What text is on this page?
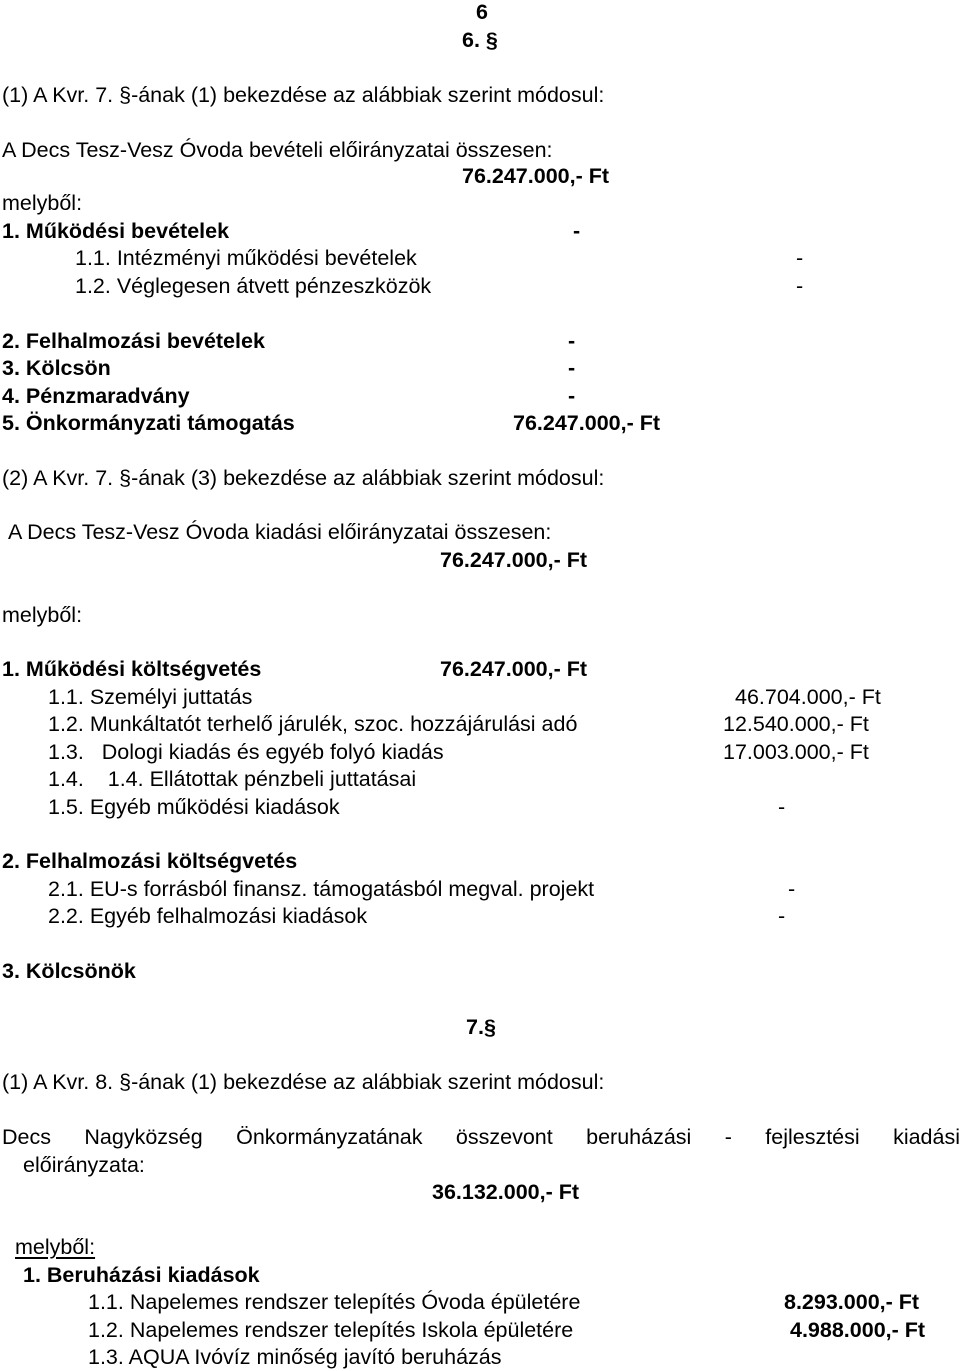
6
6. §
(1) A Kvr. 7. §-ának (1) bekezdése az alábbiak szerint módosul:
A Decs Tesz-Vesz Óvoda bevételi előirányzatai összesen:
76.247.000,- Ft
melyből:
1. Működési bevételek	-
1.1. Intézményi működési bevételek	-
1.2. Véglegesen átvett pénzeszközök	-
2. Felhalmozási bevételek	-
3. Kölcsön	-
4. Pénzmaradvány	-
5. Önkormányzati támogatás	76.247.000,- Ft
(2) A Kvr. 7. §-ának (3) bekezdése az alábbiak szerint módosul:
A Decs Tesz-Vesz Óvoda kiadási előirányzatai összesen:
76.247.000,- Ft
melyből:
1. Működési költségvetés	76.247.000,- Ft
1.1. Személyi juttatás	46.704.000,- Ft
1.2. Munkáltatót terhelő járulék, szoc. hozzájárulási adó	12.540.000,- Ft
1.3.   Dologi kiadás és egyéb folyó kiadás	17.003.000,- Ft
1.4.    1.4. Ellátottak pénzbeli juttatásai
1.5. Egyéb működési kiadások	-
2. Felhalmozási költségvetés
2.1. EU-s forrásból finansz. támogatásból megval. projekt	-
2.2. Egyéb felhalmozási kiadások	-
3. Kölcsönök
7.§
(1) A Kvr. 8. §-ának (1) bekezdése az alábbiak szerint módosul:
Decs Nagyközség Önkormányzatának összevont beruházási - fejlesztési kiadási
előirányzata:
36.132.000,- Ft
melyből:
1. Beruházási kiadások
1.1. Napelemes rendszer telepítés Óvoda épületére	8.293.000,- Ft
1.2. Napelemes rendszer telepítés Iskola épületére	4.988.000,- Ft
1.3. AQUA Ivóvíz minőség javító beruházás
